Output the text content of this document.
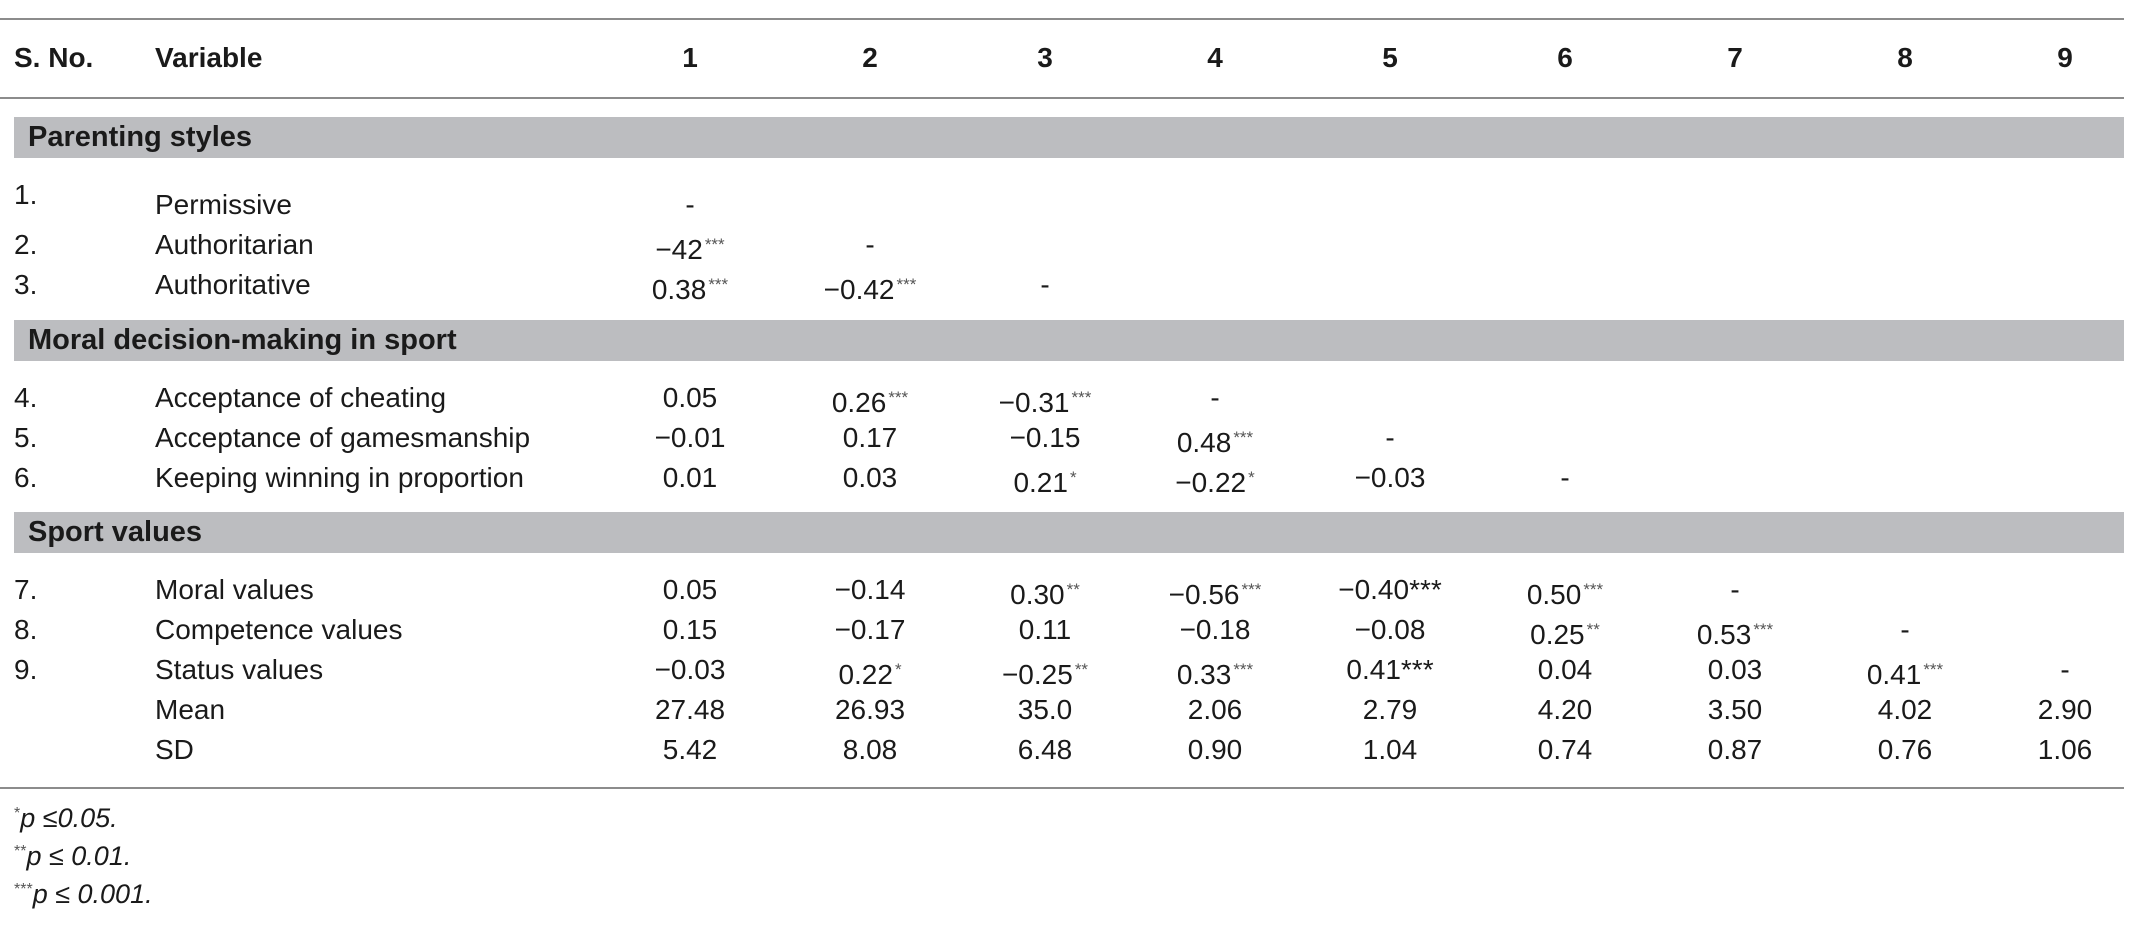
S. No. Variable	1	2	3	4	5	6	7	8	9
Parenting styles
1.	Permissive	-
2.	Authoritarian	−42 ***	-
3.	Authoritative	0.38 ***	−0.42 ***	-
Moral decision-making in sport
4.	Acceptance of cheating	0.05	0.26 ***	−0.31 ***	-
5.	Acceptance of gamesmanship	−0.01	0.17	−0.15	0.48 ***	-
6.	Keeping winning in proportion	0.01	0.03	0.21 *	−0.22 *	−0.03	-
Sport values
7.	Moral values	0.05	−0.14	0.30 **	−0.56 ***	−0.40***	0.50 ***	-
8.	Competence values	0.15	−0.17	0.11	−0.18	−0.08	0.25 **	0.53 ***	-
9.	Status values	−0.03	0.22 *	−0.25 **	0.33 ***	0.41***	0.04	0.03	0.41 ***	-
Mean	27.48	26.93	35.0	2.06	2.79	4.20	3.50	4.02	2.90
SD	5.42	8.08	6.48	0.90	1.04	0.74	0.87	0.76	1.06
*p ≤0.05.
**p ≤ 0.01.
***p ≤ 0.001.
